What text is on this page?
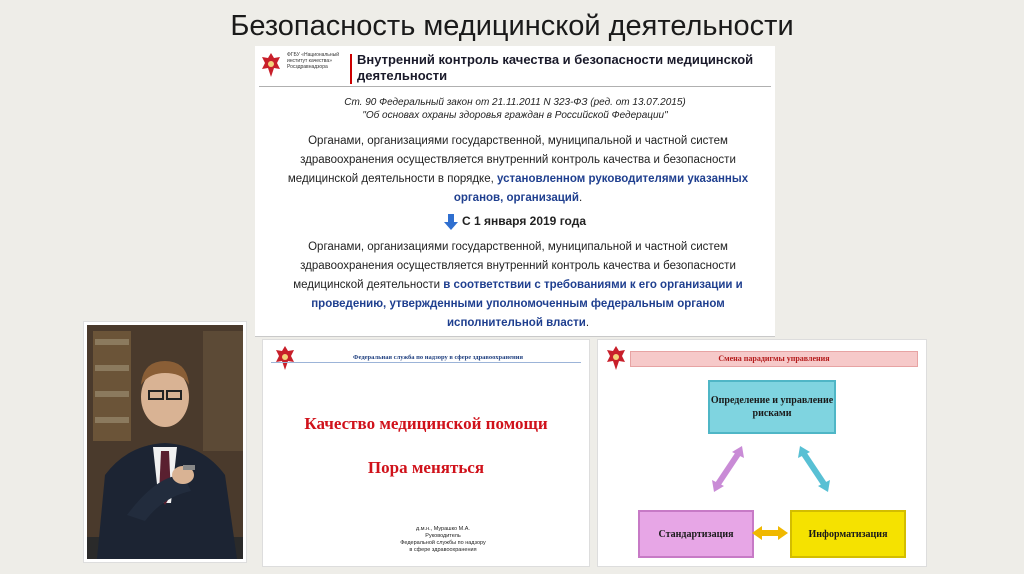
Безопасность медицинской деятельности
ФГБУ «Национальный
институт качества»
Росздравнадзора	Внутренний контроль качества и безопасности медицинской деятельности
Ст. 90 Федеральный закон от 21.11.2011 N 323-ФЗ (ред. от 13.07.2015)
"Об основах охраны здоровья граждан в Российской Федерации"
Органами, организациями государственной, муниципальной и частной систем здравоохранения осуществляется внутренний контроль качества и безопасности медицинской деятельности в порядке, установленном руководителями указанных органов, организаций.
С 1 января 2019 года
Органами, организациями государственной, муниципальной и частной систем здравоохранения осуществляется внутренний контроль качества и безопасности медицинской деятельности в соответствии с требованиями к его организации и проведению, утвержденными уполномоченным федеральным органом исполнительной власти.
Федеральная служба по надзору в сфере здравоохранения
Качество медицинской помощи
Пора меняться
д.м.н., Мурашко М.А.
Руководитель
Федеральной службы по надзору
в сфере здравоохранения
Смена парадигмы управления
Определение и управление рисками
Стандартизация	Информатизация
